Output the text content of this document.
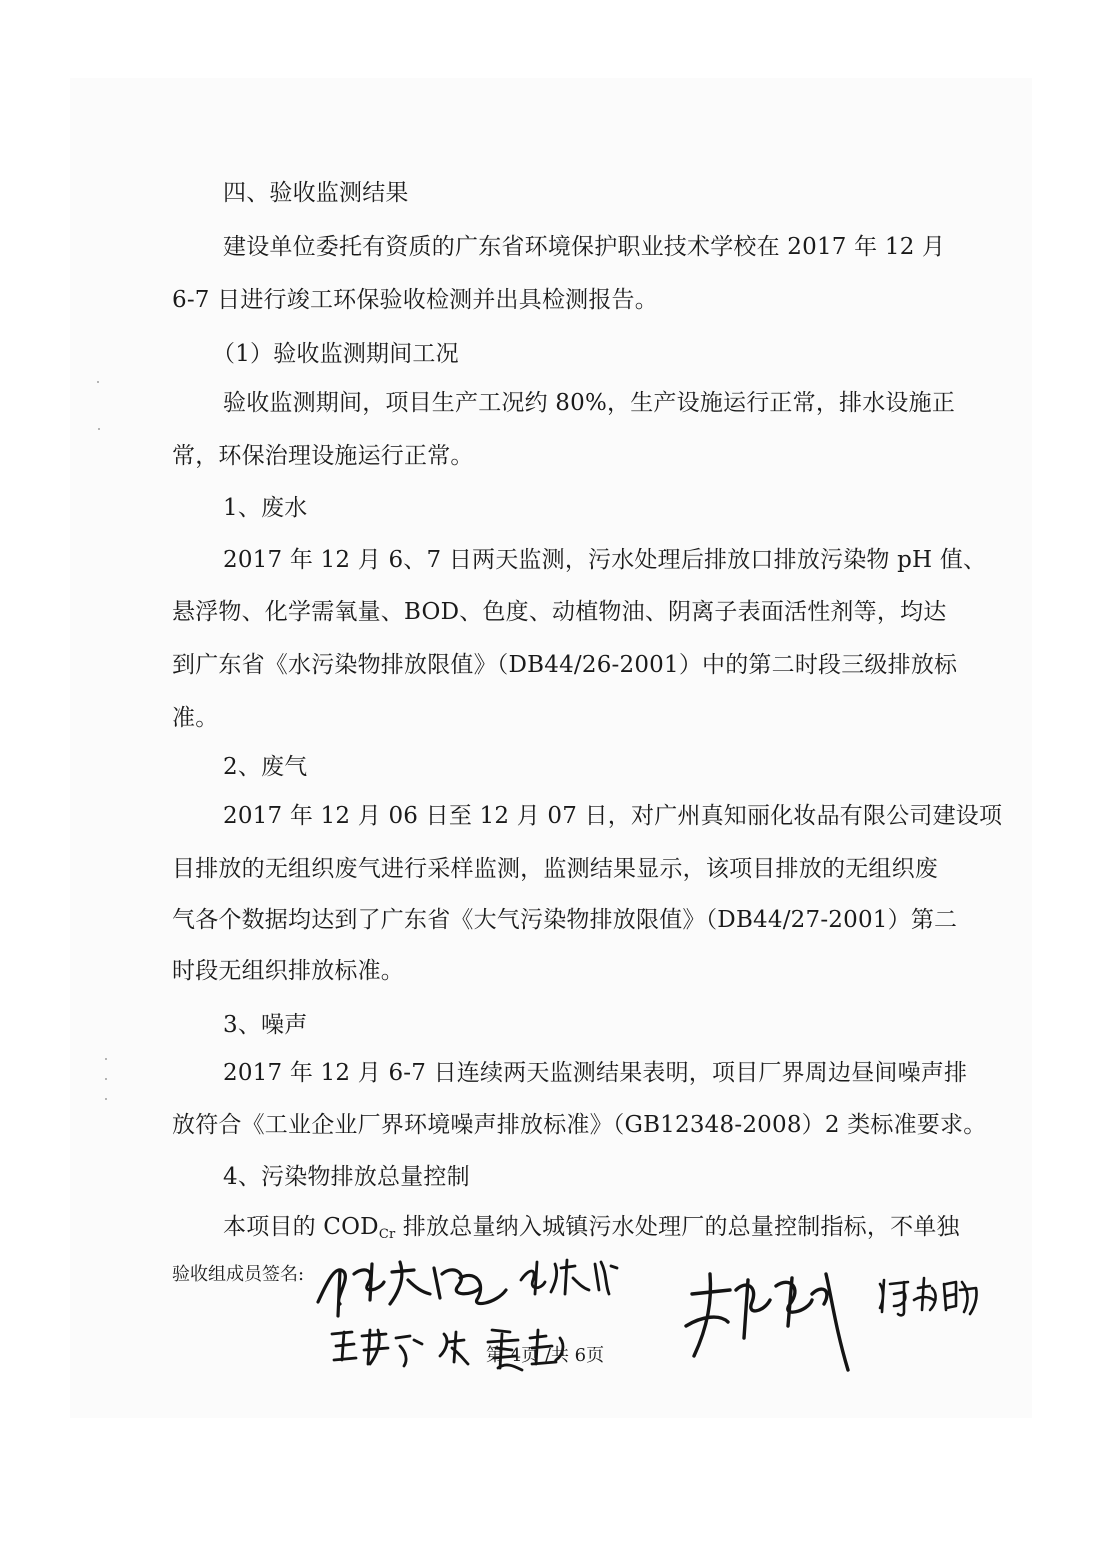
四、验收监测结果
建设单位委托有资质的广东省环境保护职业技术学校在 2017 年 12 月
6-7 日进行竣工环保验收检测并出具检测报告。
（1）验收监测期间工况
验收监测期间，项目生产工况约 80%，生产设施运行正常，排水设施正
常，环保治理设施运行正常。
1、废水
2017 年 12 月 6、7 日两天监测，污水处理后排放口排放污染物 pH 值、
悬浮物、化学需氧量、BOD、色度、动植物油、阴离子表面活性剂等，均达
到广东省《水污染物排放限值》（DB44/26-2001）中的第二时段三级排放标
准。
2、废气
2017 年 12 月 06 日至 12 月 07 日，对广州真知丽化妆品有限公司建设项
目排放的无组织废气进行采样监测，监测结果显示，该项目排放的无组织废
气各个数据均达到了广东省《大气污染物排放限值》（DB44/27-2001）第二
时段无组织排放标准。
3、噪声
2017 年 12 月 6-7 日连续两天监测结果表明，项目厂界周边昼间噪声排
放符合《工业企业厂界环境噪声排放标准》（GB12348-2008）2 类标准要求。
4、污染物排放总量控制
本项目的 $COD_{Cr}$ 排放总量纳入城镇污水处理厂的总量控制指标，不单独
验收组成员签名:
第 4页 /共 6页
